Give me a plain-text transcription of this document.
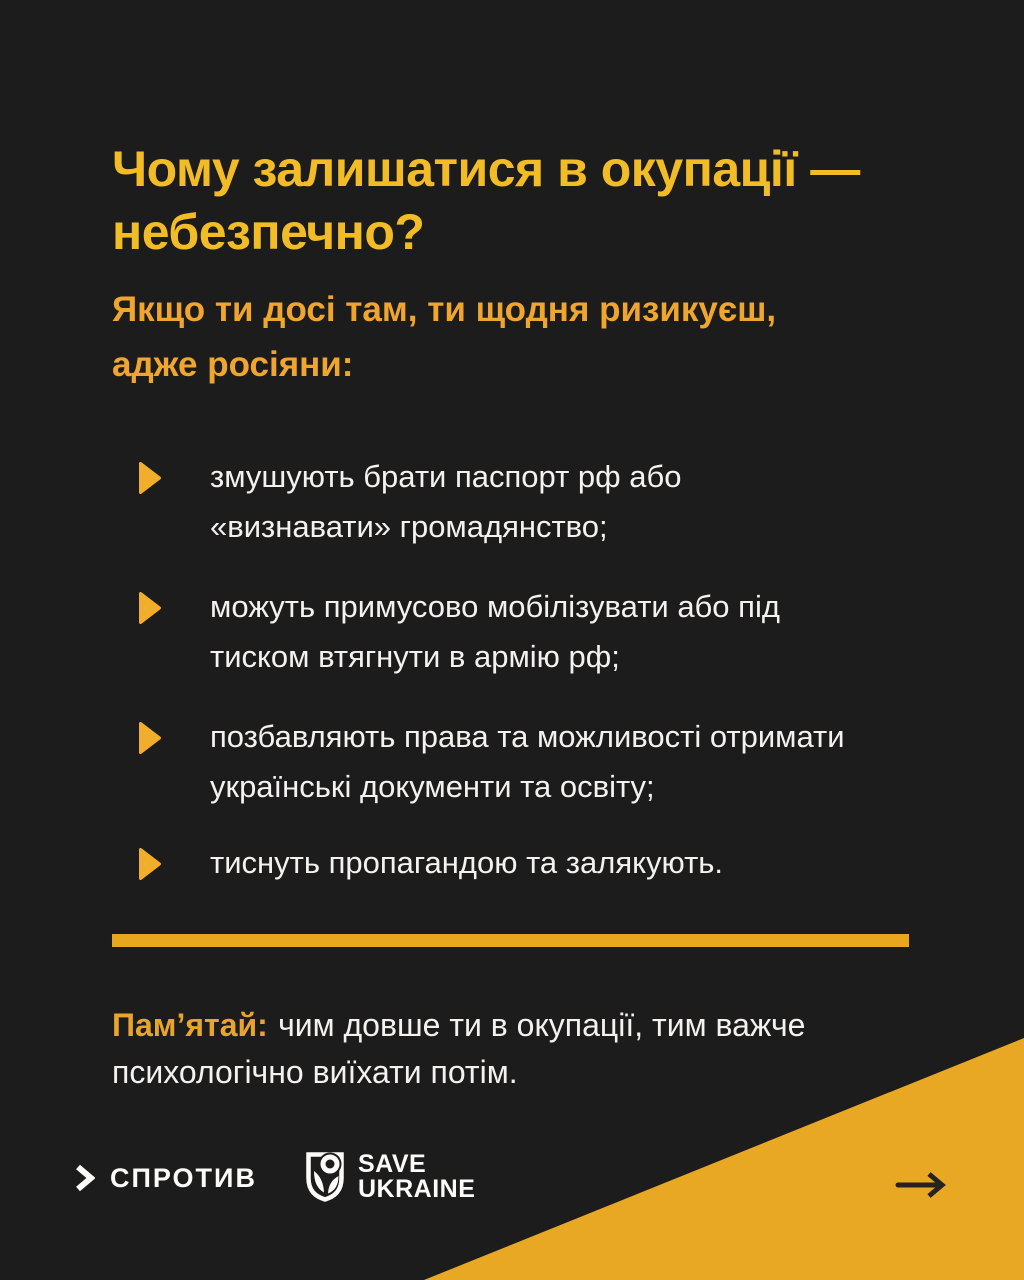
Чому залишатися в окупації —
небезпечно?

Якщо ти досі там, ти щодня ризикуєш, адже росіяни:

змушують брати паспорт рф або «визнавати» громадянство;
можуть примусово мобілізувати або під тиском втягнути в армію рф;
позбавляють права та можливості отримати українські документи та освіту;
тиснуть пропагандою та залякують.

Пам’ятай: чим довше ти в окупації, тим важче психологічно виїхати потім.

СПРОТИВ	SAVE
UKRAINE
